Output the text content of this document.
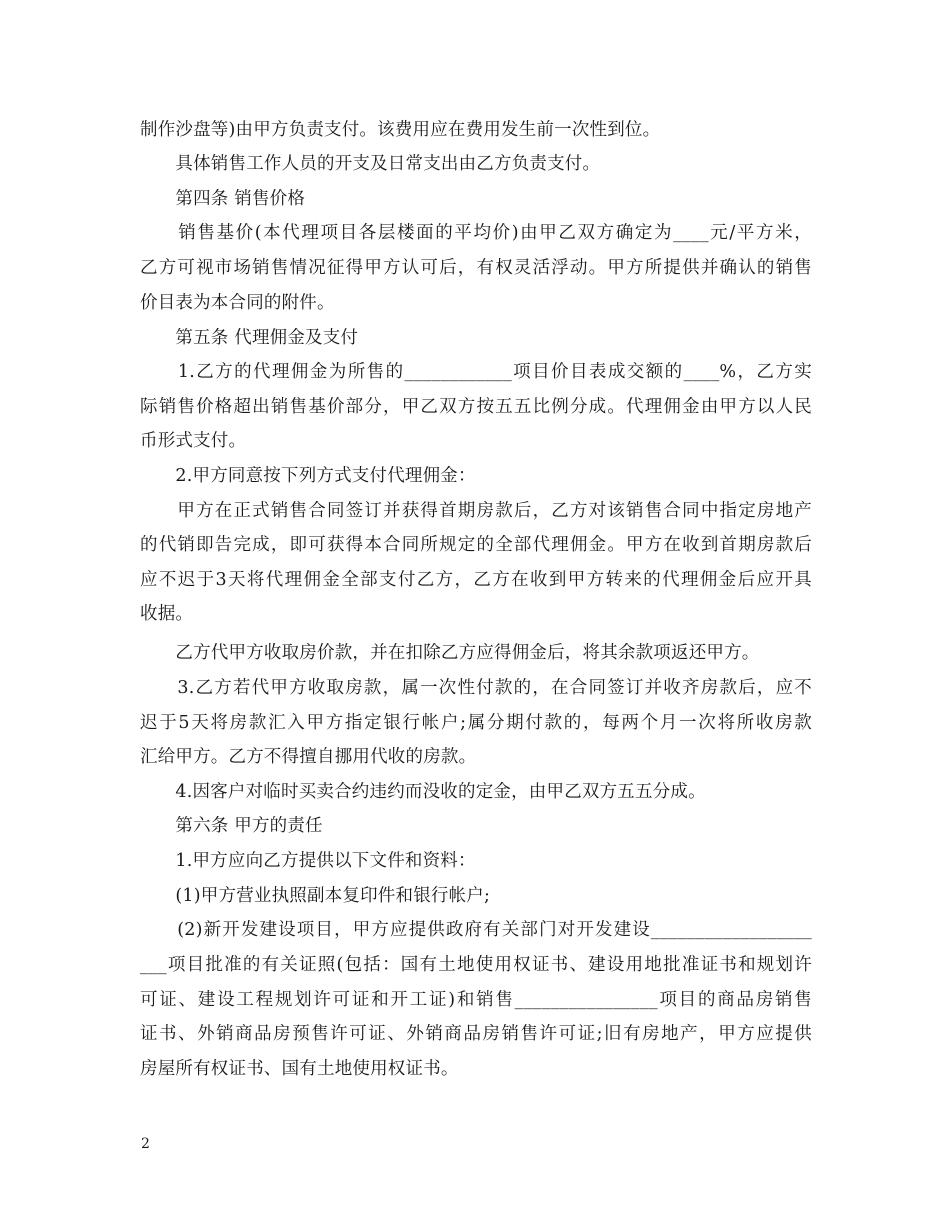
制作沙盘等)由甲方负责支付。该费用应在费用发生前一次性到位。
　　具体销售工作人员的开支及日常支出由乙方负责支付。
　　第四条 销售价格
　　销售基价(本代理项目各层楼面的平均价)由甲乙双方确定为____元/平方米，
乙方可视市场销售情况征得甲方认可后，有权灵活浮动。甲方所提供并确认的销售
价目表为本合同的附件。
　　第五条 代理佣金及支付
　　1.乙方的代理佣金为所售的____________项目价目表成交额的____%，乙方实
际销售价格超出销售基价部分，甲乙双方按五五比例分成。代理佣金由甲方以人民
币形式支付。
　　2.甲方同意按下列方式支付代理佣金：
　　甲方在正式销售合同签订并获得首期房款后，乙方对该销售合同中指定房地产
的代销即告完成，即可获得本合同所规定的全部代理佣金。甲方在收到首期房款后
应不迟于3天将代理佣金全部支付乙方，乙方在收到甲方转来的代理佣金后应开具
收据。
　　乙方代甲方收取房价款，并在扣除乙方应得佣金后，将其余款项返还甲方。
　　3.乙方若代甲方收取房款，属一次性付款的，在合同签订并收齐房款后，应不
迟于5天将房款汇入甲方指定银行帐户;属分期付款的，每两个月一次将所收房款
汇给甲方。乙方不得擅自挪用代收的房款。
　　4.因客户对临时买卖合约违约而没收的定金，由甲乙双方五五分成。
　　第六条 甲方的责任
　　1.甲方应向乙方提供以下文件和资料：
　　(1)甲方营业执照副本复印件和银行帐户;
　　(2)新开发建设项目，甲方应提供政府有关部门对开发建设__________________
___项目批准的有关证照(包括：国有土地使用权证书、建设用地批准证书和规划许
可证、建设工程规划许可证和开工证)和销售________________项目的商品房销售
证书、外销商品房预售许可证、外销商品房销售许可证;旧有房地产，甲方应提供
房屋所有权证书、国有土地使用权证书。
2
